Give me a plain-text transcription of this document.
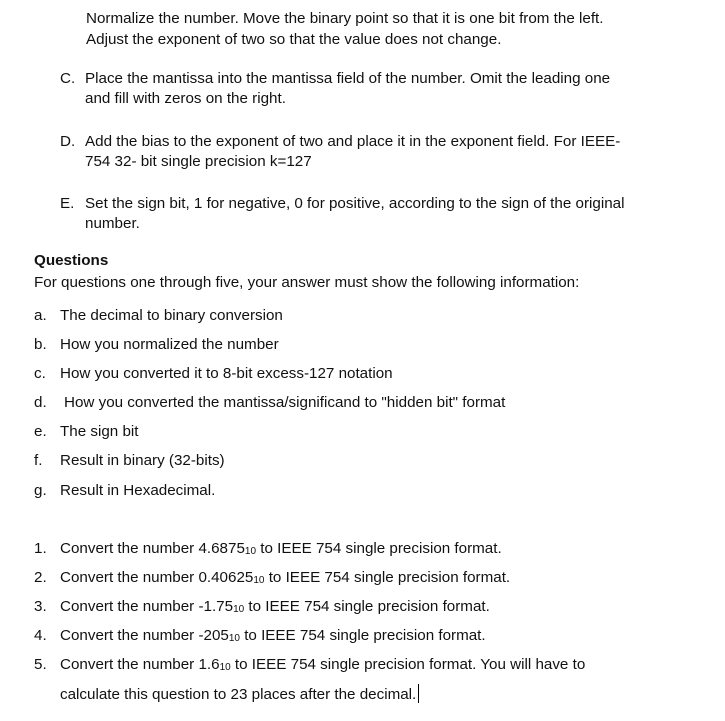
Normalize the number. Move the binary point so that it is one bit from the left.
Adjust the exponent of two so that the value does not change.
C. Place the mantissa into the mantissa field of the number. Omit the leading one
and fill with zeros on the right.
D. Add the bias to the exponent of two and place it in the exponent field. For IEEE-
754 32- bit single precision k=127
E. Set the sign bit, 1 for negative, 0 for positive, according to the sign of the original
number.
Questions
For questions one through five, your answer must show the following information:
a. The decimal to binary conversion
b. How you normalized the number
c. How you converted it to 8-bit excess-127 notation
d. How you converted the mantissa/significand to "hidden bit" format
e. The sign bit
f. Result in binary (32-bits)
g. Result in Hexadecimal.
1. Convert the number $4.6875_{10}$ to IEEE 754 single precision format.
2. Convert the number $0.40625_{10}$ to IEEE 754 single precision format.
3. Convert the number $-1.75_{10}$ to IEEE 754 single precision format.
4. Convert the number $-205_{10}$ to IEEE 754 single precision format.
5. Convert the number $1.6_{10}$ to IEEE 754 single precision format. You will have to
calculate this question to 23 places after the decimal.
